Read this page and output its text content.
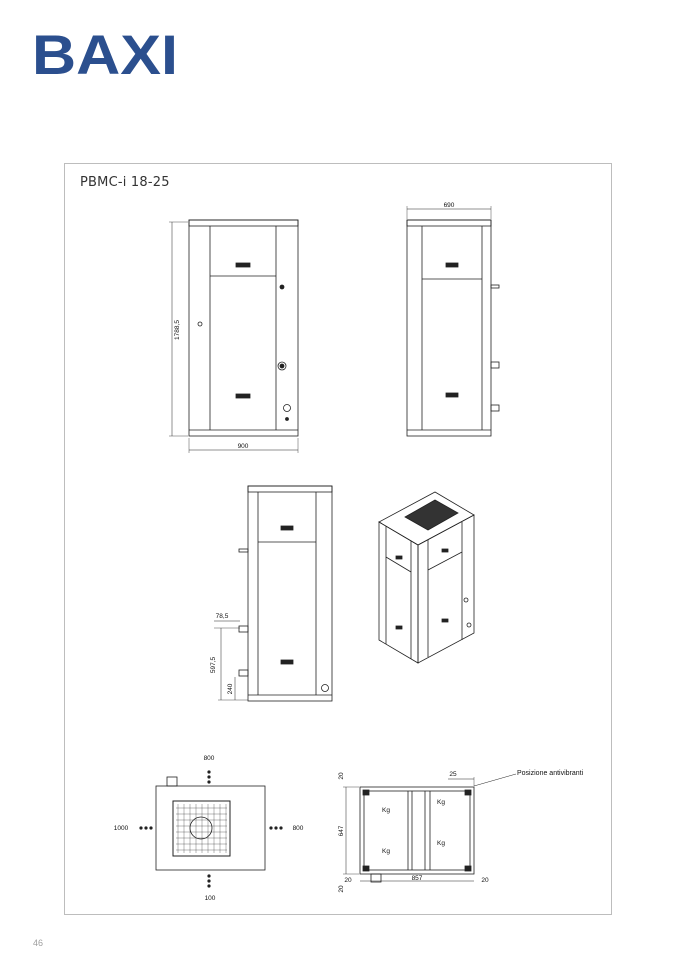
BAXI
PBMC-i 18-25
46
1788,5
900
690
78,5
597,5
240
800
1000	800
100
20	25
647
20	857	20
20
Posizione antivibranti
Kg
Kg
Kg
Kg
